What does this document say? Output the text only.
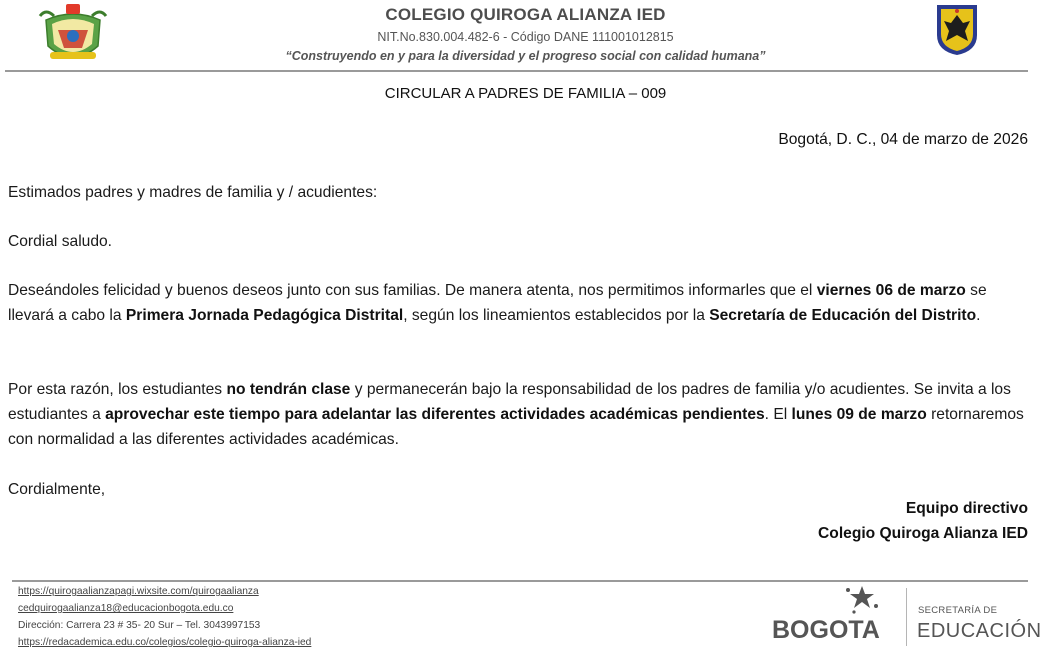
COLEGIO QUIROGA ALIANZA IED
NIT.No.830.004.482-6 - Código DANE 111001012815
“Construyendo en y para la diversidad y el progreso social con calidad humana”
CIRCULAR A PADRES DE FAMILIA – 009
Bogotá, D. C., 04 de marzo de 2026
Estimados padres y madres de familia y / acudientes:
Cordial saludo.
Deseándoles felicidad y buenos deseos junto con sus familias. De manera atenta, nos permitimos informarles que el viernes 06 de marzo se llevará a cabo la Primera Jornada Pedagógica Distrital, según los lineamientos establecidos por la Secretaría de Educación del Distrito.
Por esta razón, los estudiantes no tendrán clase y permanecerán bajo la responsabilidad de los padres de familia y/o acudientes. Se invita a los estudiantes a aprovechar este tiempo para adelantar las diferentes actividades académicas pendientes. El lunes 09 de marzo retornaremos con normalidad a las diferentes actividades académicas.
Cordialmente,
Equipo directivo
Colegio Quiroga Alianza IED
https://quirogaalianzapagi.wixsite.com/quirogaalianza
cedquirogaalianza18@educacionbogota.edu.co
Dirección: Carrera 23 # 35- 20 Sur – Tel. 3043997153
https://redacademica.edu.co/colegios/colegio-quiroga-alianza-ied	BOGOTA
SECRETARÍA DE
EDUCACIÓN
